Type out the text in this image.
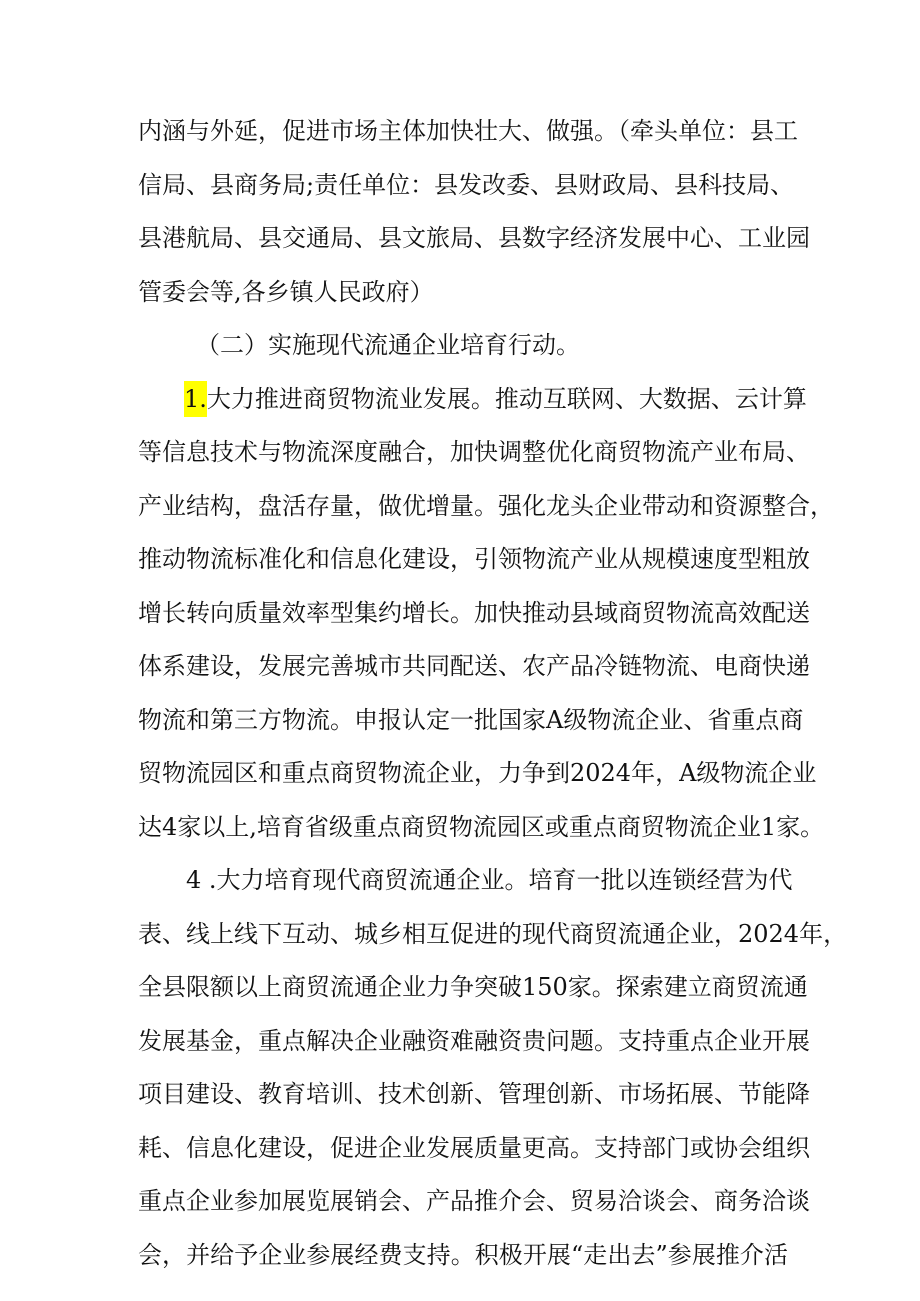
内涵与外延，促进市场主体加快壮大、做强。（牵头单位：县工
信局、县商务局;责任单位：县发改委、县财政局、县科技局、
县港航局、县交通局、县文旅局、县数字经济发展中心、工业园
管委会等,各乡镇人民政府）
（二）实施现代流通企业培育行动。
1.大力推进商贸物流业发展。推动互联网、大数据、云计算
等信息技术与物流深度融合，加快调整优化商贸物流产业布局、
产业结构，盘活存量，做优增量。强化龙头企业带动和资源整合，
推动物流标准化和信息化建设，引领物流产业从规模速度型粗放
增长转向质量效率型集约增长。加快推动县域商贸物流高效配送
体系建设，发展完善城市共同配送、农产品冷链物流、电商快递
物流和第三方物流。申报认定一批国家A级物流企业、省重点商
贸物流园区和重点商贸物流企业，力争到2024年，A级物流企业
达4家以上,培育省级重点商贸物流园区或重点商贸物流企业1家。
4 .大力培育现代商贸流通企业。培育一批以连锁经营为代
表、线上线下互动、城乡相互促进的现代商贸流通企业，2024年，
全县限额以上商贸流通企业力争突破150家。探索建立商贸流通
发展基金，重点解决企业融资难融资贵问题。支持重点企业开展
项目建设、教育培训、技术创新、管理创新、市场拓展、节能降
耗、信息化建设，促进企业发展质量更高。支持部门或协会组织
重点企业参加展览展销会、产品推介会、贸易洽谈会、商务洽谈
会，并给予企业参展经费支持。积极开展“走出去”参展推介活
